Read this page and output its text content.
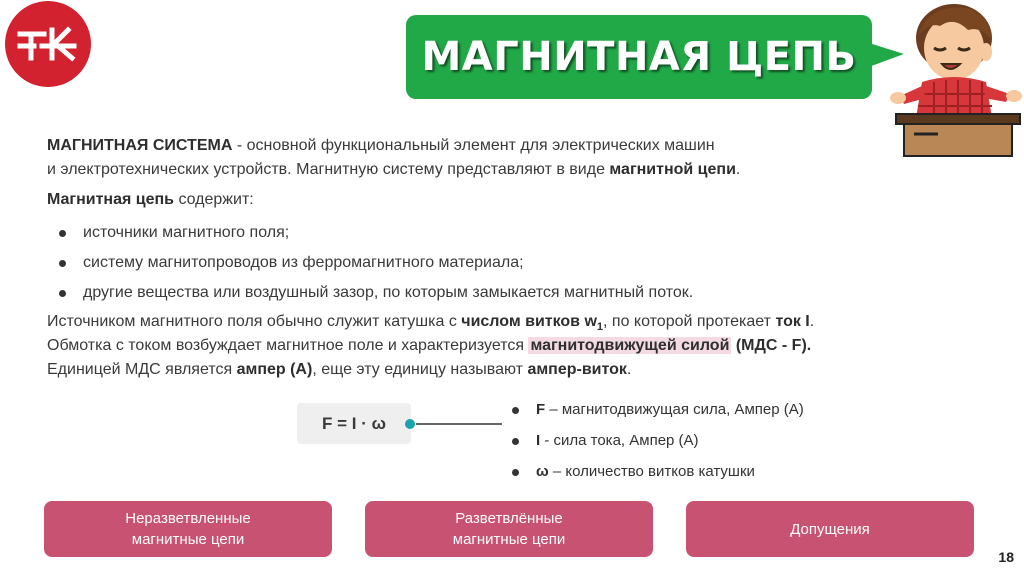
МАГНИТНАЯ ЦЕПЬ

МАГНИТНАЯ СИСТЕМА - основной функциональный элемент для электрических машин
и электротехнических устройств. Магнитную систему представляют в виде магнитной цепи.

Магнитная цепь содержит:

источники магнитного поля;
систему магнитопроводов из ферромагнитного материала;
другие вещества или воздушный зазор, по которым замыкается магнитный поток.

Источником магнитного поля обычно служит катушка с числом витков $w_1$, по которой протекает ток I.
Обмотка с током возбуждает магнитное поле и характеризуется магнитодвижущей силой (МДС - F).
Единицей МДС является ампер (А), еще эту единицу называют ампер-виток.

F = I · ω
F – магнитодвижущая сила, Ампер (А)
I - сила тока, Ампер (А)
ω – количество витков катушки
Неразветвленные
магнитные цепи
Разветвлённые
магнитные цепи
Допущения
18
